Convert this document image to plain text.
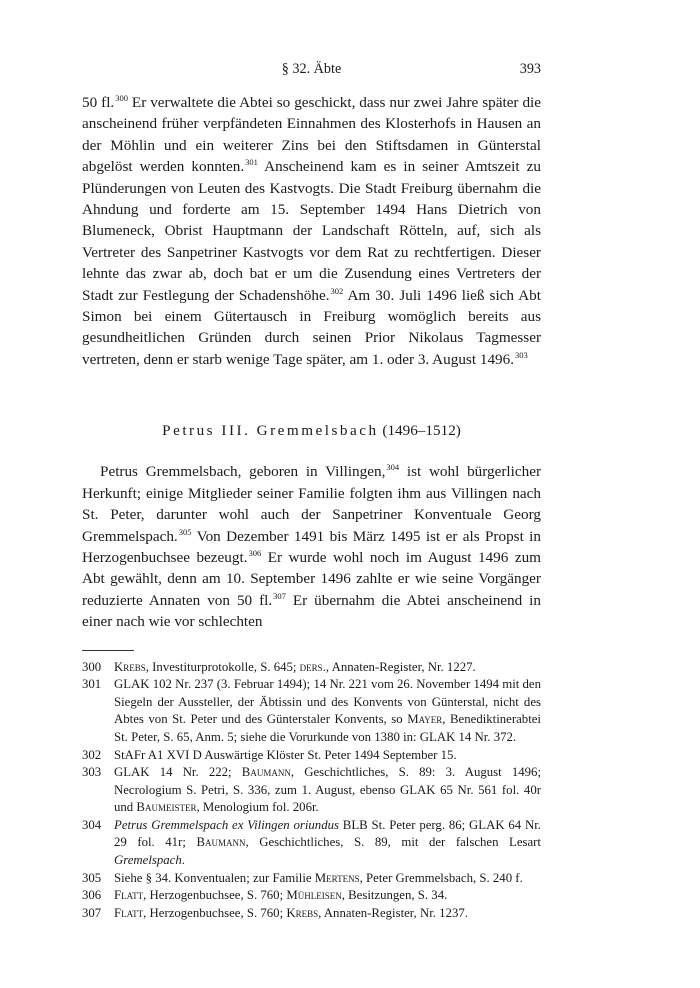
§ 32. Äbte	393

50 fl.$^{300}$ Er verwaltete die Abtei so geschickt, dass nur zwei Jahre später die anscheinend früher verpfändeten Einnahmen des Klosterhofs in Hausen an der Möhlin und ein weiterer Zins bei den Stiftsdamen in Günterstal abgelöst werden konnten.$^{301}$ Anscheinend kam es in seiner Amtszeit zu Plünderungen von Leuten des Kastvogts. Die Stadt Freiburg übernahm die Ahndung und forderte am 15. September 1494 Hans Dietrich von Blumeneck, Obrist Hauptmann der Landschaft Rötteln, auf, sich als Vertreter des Sanpetriner Kastvogts vor dem Rat zu rechtfertigen. Dieser lehnte das zwar ab, doch bat er um die Zusendung eines Vertreters der Stadt zur Festlegung der Schadenshöhe.$^{302}$ Am 30. Juli 1496 ließ sich Abt Simon bei einem Gütertausch in Freiburg womöglich bereits aus gesundheitlichen Gründen durch seinen Prior Nikolaus Tagmesser vertreten, denn er starb wenige Tage später, am 1. oder 3. August 1496.$^{303}$

Petrus III. Gremmelsbach (1496–1512)

Petrus Gremmelsbach, geboren in Villingen,$^{304}$ ist wohl bürgerlicher Herkunft; einige Mitglieder seiner Familie folgten ihm aus Villingen nach St. Peter, darunter wohl auch der Sanpetriner Konventuale Georg Gremmelspach.$^{305}$ Von Dezember 1491 bis März 1495 ist er als Propst in Herzogenbuchsee bezeugt.$^{306}$ Er wurde wohl noch im August 1496 zum Abt gewählt, denn am 10. September 1496 zahlte er wie seine Vorgänger reduzierte Annaten von 50 fl.$^{307}$ Er übernahm die Abtei anscheinend in einer nach wie vor schlechten

300 Krebs, Investiturprotokolle, S. 645; ders., Annaten-Register, Nr. 1227.
301 GLAK 102 Nr. 237 (3. Februar 1494); 14 Nr. 221 vom 26. November 1494 mit den Siegeln der Aussteller, der Äbtissin und des Konvents von Günterstal, nicht des Abtes von St. Peter und des Günterstaler Konvents, so Mayer, Benediktinerabtei St. Peter, S. 65, Anm. 5; siehe die Vorurkunde von 1380 in: GLAK 14 Nr. 372.
302 StAFr A1 XVI D Auswärtige Klöster St. Peter 1494 September 15.
303 GLAK 14 Nr. 222; Baumann, Geschichtliches, S. 89: 3. August 1496; Necrologium S. Petri, S. 336, zum 1. August, ebenso GLAK 65 Nr. 561 fol. 40r und Baumeister, Menologium fol. 206r.
304 Petrus Gremmelspach ex Vilingen oriundus BLB St. Peter perg. 86; GLAK 64 Nr. 29 fol. 41r; Baumann, Geschichtliches, S. 89, mit der falschen Lesart Gremelspach.
305 Siehe § 34. Konventualen; zur Familie Mertens, Peter Gremmelsbach, S. 240 f.
306 Flatt, Herzogenbuchsee, S. 760; Mühleisen, Besitzungen, S. 34.
307 Flatt, Herzogenbuchsee, S. 760; Krebs, Annaten-Register, Nr. 1237.
